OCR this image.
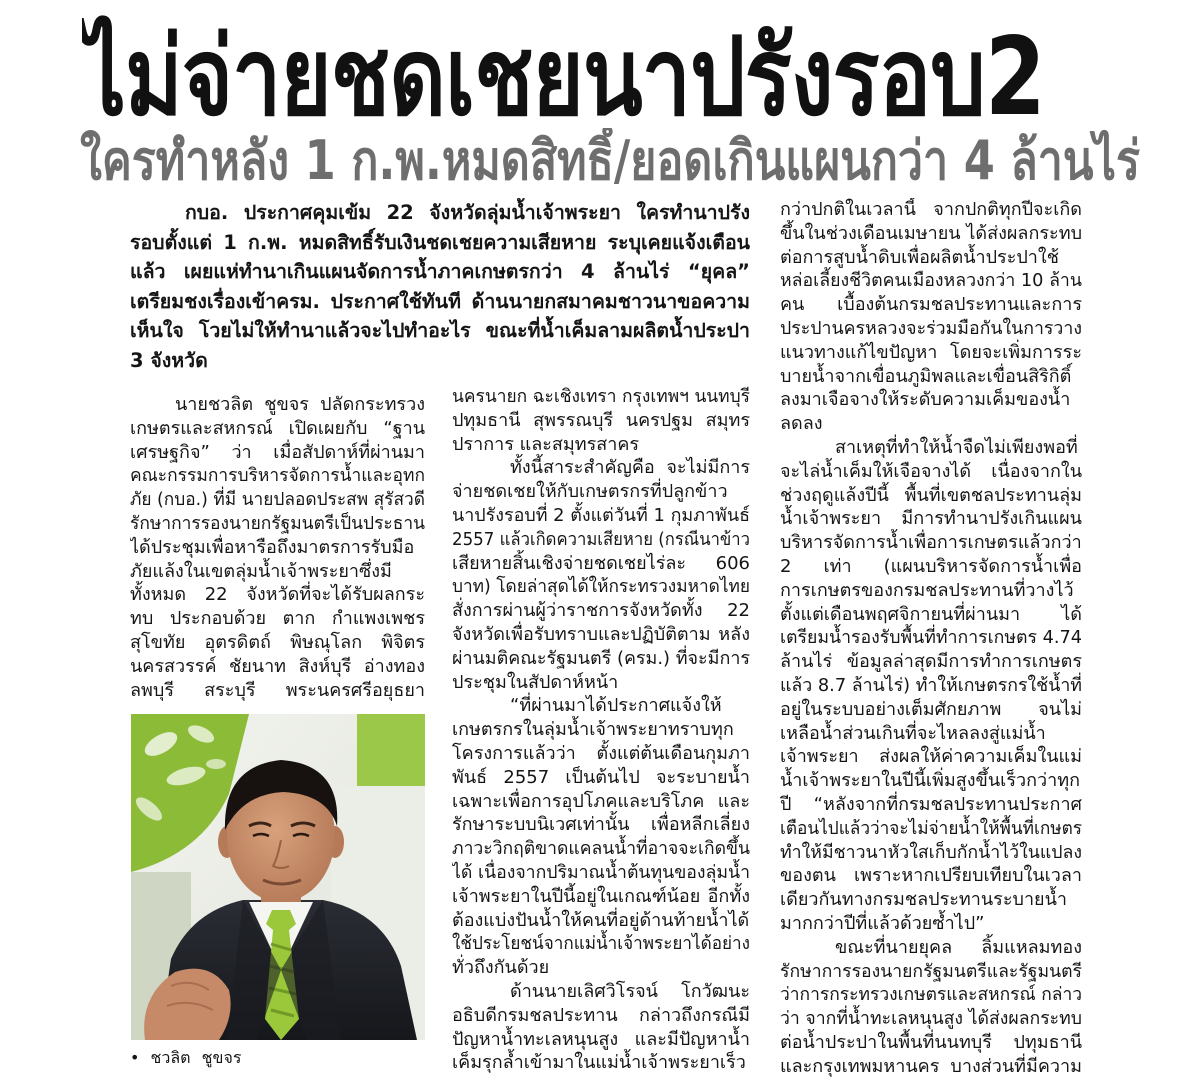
ไม่จ่ายชดเชยนาปรังรอบ2
ใครทำหลัง 1 ก.พ.หมดสิทธิ์/ยอดเกินแผนกว่า 4 ล้านไร่
กบอ. ประกาศคุมเข้ม 22 จังหวัดลุ่มน้ำเจ้าพระยา ใครทำนาปรัง
รอบตั้งแต่ 1 ก.พ. หมดสิทธิ์รับเงินชดเชยความเสียหาย ระบุเคยแจ้งเตือน
แล้ว เผยแห่ทำนาเกินแผนจัดการน้ำภาคเกษตรกว่า 4 ล้านไร่ “ยุคล”
เตรียมชงเรื่องเข้าครม. ประกาศใช้ทันที ด้านนายกสมาคมชาวนาขอความ
เห็นใจ โวยไม่ให้ทำนาแล้วจะไปทำอะไร ขณะที่น้ำเค็มลามผลิตน้ำประปา
3 จังหวัด
นายชวลิต ชูขจร ปลัดกระทรวง
เกษตรและสหกรณ์ เปิดเผยกับ “ฐาน
เศรษฐกิจ” ว่า เมื่อสัปดาห์ที่ผ่านมา
คณะกรรมการบริหารจัดการน้ำและอุทก
ภัย (กบอ.) ที่มี นายปลอดประสพ สุรัสวดี
รักษาการรองนายกรัฐมนตรีเป็นประธาน
ได้ประชุมเพื่อหารือถึงมาตรการรับมือ
ภัยแล้งในเขตลุ่มน้ำเจ้าพระยาซึ่งมี
ทั้งหมด 22 จังหวัดที่จะได้รับผลกระ
ทบ ประกอบด้วย ตาก กำแพงเพชร
สุโขทัย อุตรดิตถ์ พิษณุโลก พิจิตร
นครสวรรค์ ชัยนาท สิงห์บุรี อ่างทอง
ลพบุรี สระบุรี พระนครศรีอยุธยา
• ชวลิต ชูขจร
นครนายก ฉะเชิงเทรา กรุงเทพฯ นนทบุรี
ปทุมธานี สุพรรณบุรี นครปฐม สมุทร
ปราการ และสมุทรสาคร
ทั้งนี้สาระสำคัญคือ จะไม่มีการ
จ่ายชดเชยให้กับเกษตรกรที่ปลูกข้าว
นาปรังรอบที่ 2 ตั้งแต่วันที่ 1 กุมภาพันธ์
2557 แล้วเกิดความเสียหาย (กรณีนาข้าว
เสียหายสิ้นเชิงจ่ายชดเชยไร่ละ 606
บาท) โดยล่าสุดได้ให้กระทรวงมหาดไทย
สั่งการผ่านผู้ว่าราชการจังหวัดทั้ง 22
จังหวัดเพื่อรับทราบและปฏิบัติตาม หลัง
ผ่านมติคณะรัฐมนตรี (ครม.) ที่จะมีการ
ประชุมในสัปดาห์หน้า
“ที่ผ่านมาได้ประกาศแจ้งให้
เกษตรกรในลุ่มน้ำเจ้าพระยาทราบทุก
โครงการแล้วว่า ตั้งแต่ต้นเดือนกุมภา
พันธ์ 2557 เป็นต้นไป จะระบายน้ำ
เฉพาะเพื่อการอุปโภคและบริโภค และ
รักษาระบบนิเวศเท่านั้น เพื่อหลีกเลี่ยง
ภาวะวิกฤติขาดแคลนน้ำที่อาจจะเกิดขึ้น
ได้ เนื่องจากปริมาณน้ำต้นทุนของลุ่มน้ำ
เจ้าพระยาในปีนี้อยู่ในเกณฑ์น้อย อีกทั้ง
ต้องแบ่งปันน้ำให้คนที่อยู่ด้านท้ายน้ำได้
ใช้ประโยชน์จากแม่น้ำเจ้าพระยาได้อย่าง
ทั่วถึงกันด้วย
ด้านนายเลิศวิโรจน์ โกวัฒนะ
อธิบดีกรมชลประทาน กล่าวถึงกรณีมี
ปัญหาน้ำทะเลหนุนสูง และมีปัญหาน้ำ
เค็มรุกล้ำเข้ามาในแม่น้ำเจ้าพระยาเร็ว
กว่าปกติในเวลานี้ จากปกติทุกปีจะเกิด
ขึ้นในช่วงเดือนเมษายน ได้ส่งผลกระทบ
ต่อการสูบน้ำดิบเพื่อผลิตน้ำประปาใช้
หล่อเลี้ยงชีวิตคนเมืองหลวงกว่า 10 ล้าน
คน เบื้องต้นกรมชลประทานและการ
ประปานครหลวงจะร่วมมือกันในการวาง
แนวทางแก้ไขปัญหา โดยจะเพิ่มการระ
บายน้ำจากเขื่อนภูมิพลและเขื่อนสิริกิติ์
ลงมาเจือจางให้ระดับความเค็มของน้ำ
ลดลง
สาเหตุที่ทำให้น้ำจืดไม่เพียงพอที่
จะไล่น้ำเค็มให้เจือจางได้ เนื่องจากใน
ช่วงฤดูแล้งปีนี้ พื้นที่เขตชลประทานลุ่ม
น้ำเจ้าพระยา มีการทำนาปรังเกินแผน
บริหารจัดการน้ำเพื่อการเกษตรแล้วกว่า
2 เท่า (แผนบริหารจัดการน้ำเพื่อ
การเกษตรของกรมชลประทานที่วางไว้
ตั้งแต่เดือนพฤศจิกายนที่ผ่านมา ได้
เตรียมน้ำรองรับพื้นที่ทำการเกษตร 4.74
ล้านไร่ ข้อมูลล่าสุดมีการทำการเกษตร
แล้ว 8.7 ล้านไร่) ทำให้เกษตรกรใช้น้ำที่
อยู่ในระบบอย่างเต็มศักยภาพ จนไม่
เหลือน้ำส่วนเกินที่จะไหลลงสู่แม่น้ำ
เจ้าพระยา ส่งผลให้ค่าความเค็มในแม่
น้ำเจ้าพระยาในปีนี้เพิ่มสูงขึ้นเร็วกว่าทุก
ปี “หลังจากที่กรมชลประทานประกาศ
เตือนไปแล้วว่าจะไม่จ่ายน้ำให้พื้นที่เกษตร
ทำให้มีชาวนาหัวใสเก็บกักน้ำไว้ในแปลง
ของตน เพราะหากเปรียบเทียบในเวลา
เดียวกันทางกรมชลประทานระบายน้ำ
มากกว่าปีที่แล้วด้วยซ้ำไป”
ขณะที่นายยุคล ลิ้มแหลมทอง
รักษาการรองนายกรัฐมนตรีและรัฐมนตรี
ว่าการกระทรวงเกษตรและสหกรณ์ กล่าว
ว่า จากที่น้ำทะเลหนุนสูง ได้ส่งผลกระทบ
ต่อน้ำประปาในพื้นที่นนทบุรี ปทุมธานี
และกรุงเทพมหานคร บางส่วนที่มีความ
